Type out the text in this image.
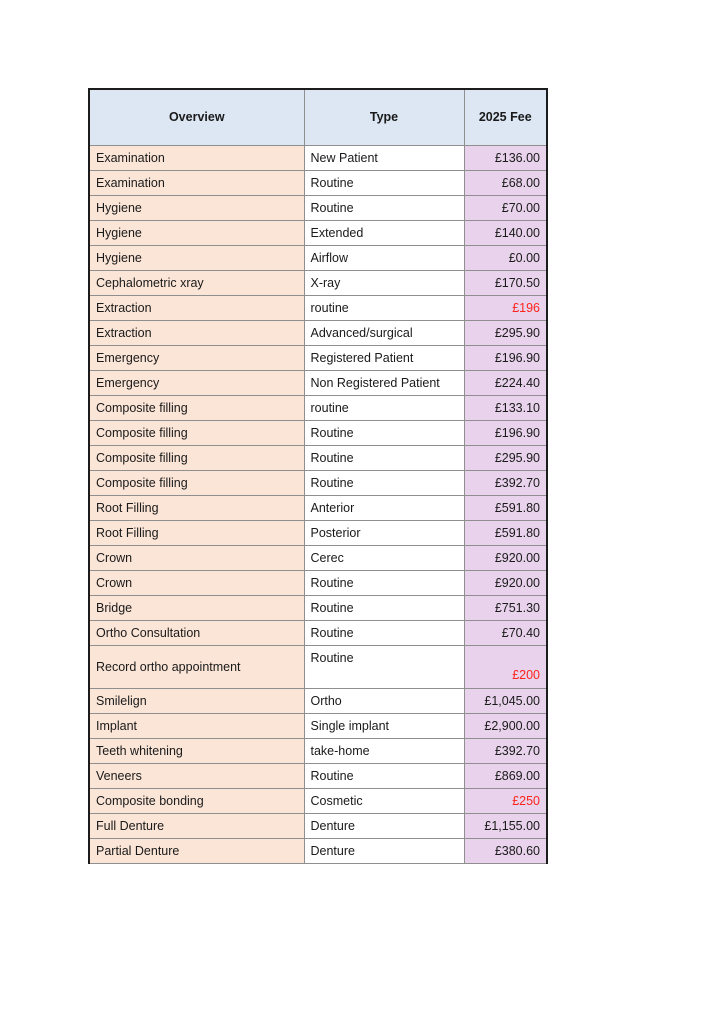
Overview	Type	2025 Fee
Examination	New Patient	£136.00
Examination	Routine	£68.00
Hygiene	Routine	£70.00
Hygiene	Extended	£140.00
Hygiene	Airflow	£0.00
Cephalometric xray	X-ray	£170.50
Extraction	routine	£196
Extraction	Advanced/surgical	£295.90
Emergency	Registered Patient	£196.90
Emergency	Non Registered Patient	£224.40
Composite filling	routine	£133.10
Composite filling	Routine	£196.90
Composite filling	Routine	£295.90
Composite filling	Routine	£392.70
Root Filling	Anterior	£591.80
Root Filling	Posterior	£591.80
Crown	Cerec	£920.00
Crown	Routine	£920.00
Bridge	Routine	£751.30
Ortho Consultation	Routine	£70.40
Record ortho appointment	Routine	£200
Smilelign	Ortho	£1,045.00
Implant	Single implant	£2,900.00
Teeth whitening	take-home	£392.70
Veneers	Routine	£869.00
Composite bonding	Cosmetic	£250
Full Denture	Denture	£1,155.00
Partial Denture	Denture	£380.60
